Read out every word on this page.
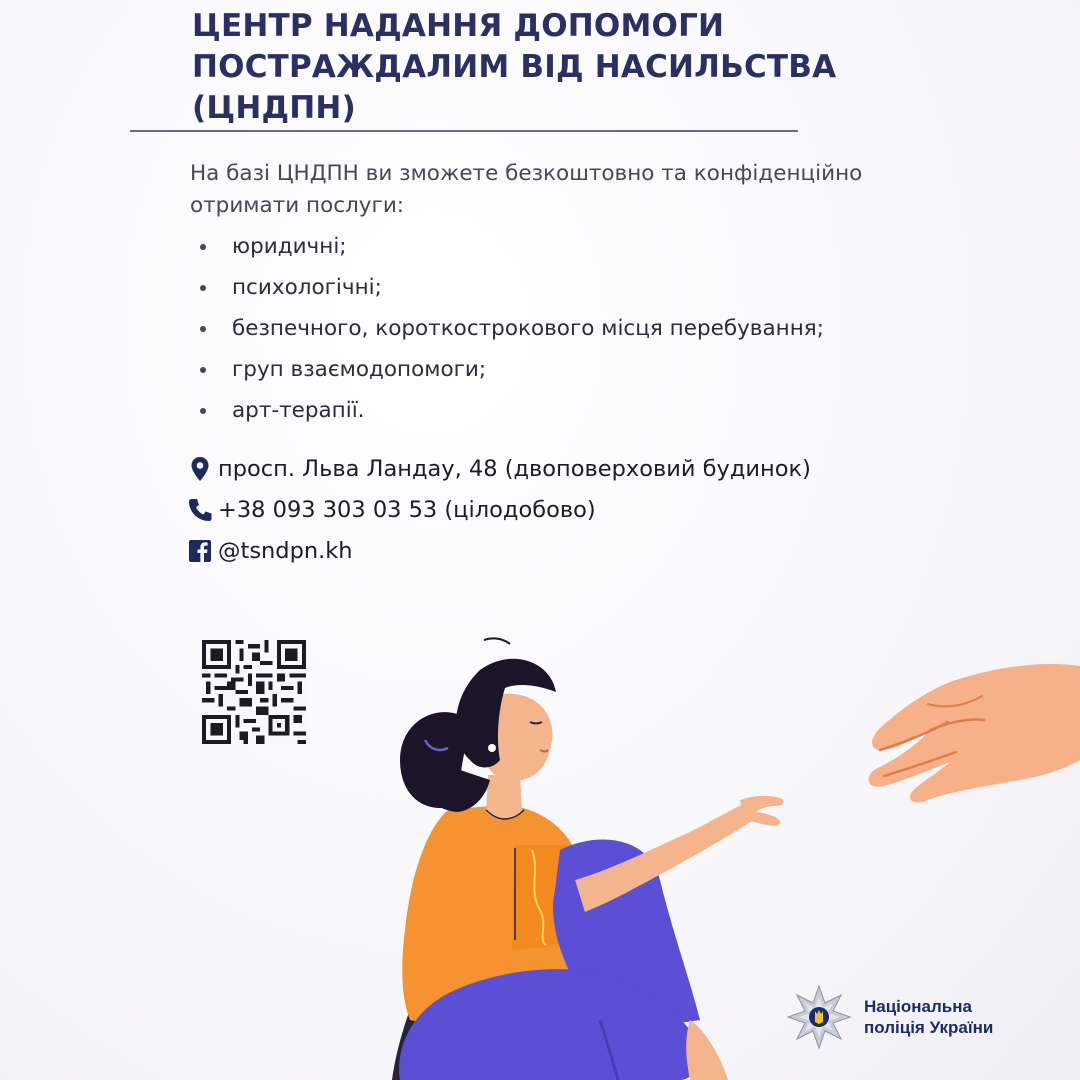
ЦЕНТР НАДАННЯ ДОПОМОГИ
ПОСТРАЖДАЛИМ ВІД НАСИЛЬСТВА
(ЦНДПН)

На базі ЦНДПН ви зможете безкоштовно та конфіденційно отримати послуги:

юридичні;
психологічні;
безпечного, короткострокового місця перебування;
груп взаємодопомоги;
арт-терапії.
просп. Льва Ландау, 48 (двоповерховий будинок)
+38 093 303 03 53 (цілодобово)
@tsndpn.kh
Національна
поліція України
